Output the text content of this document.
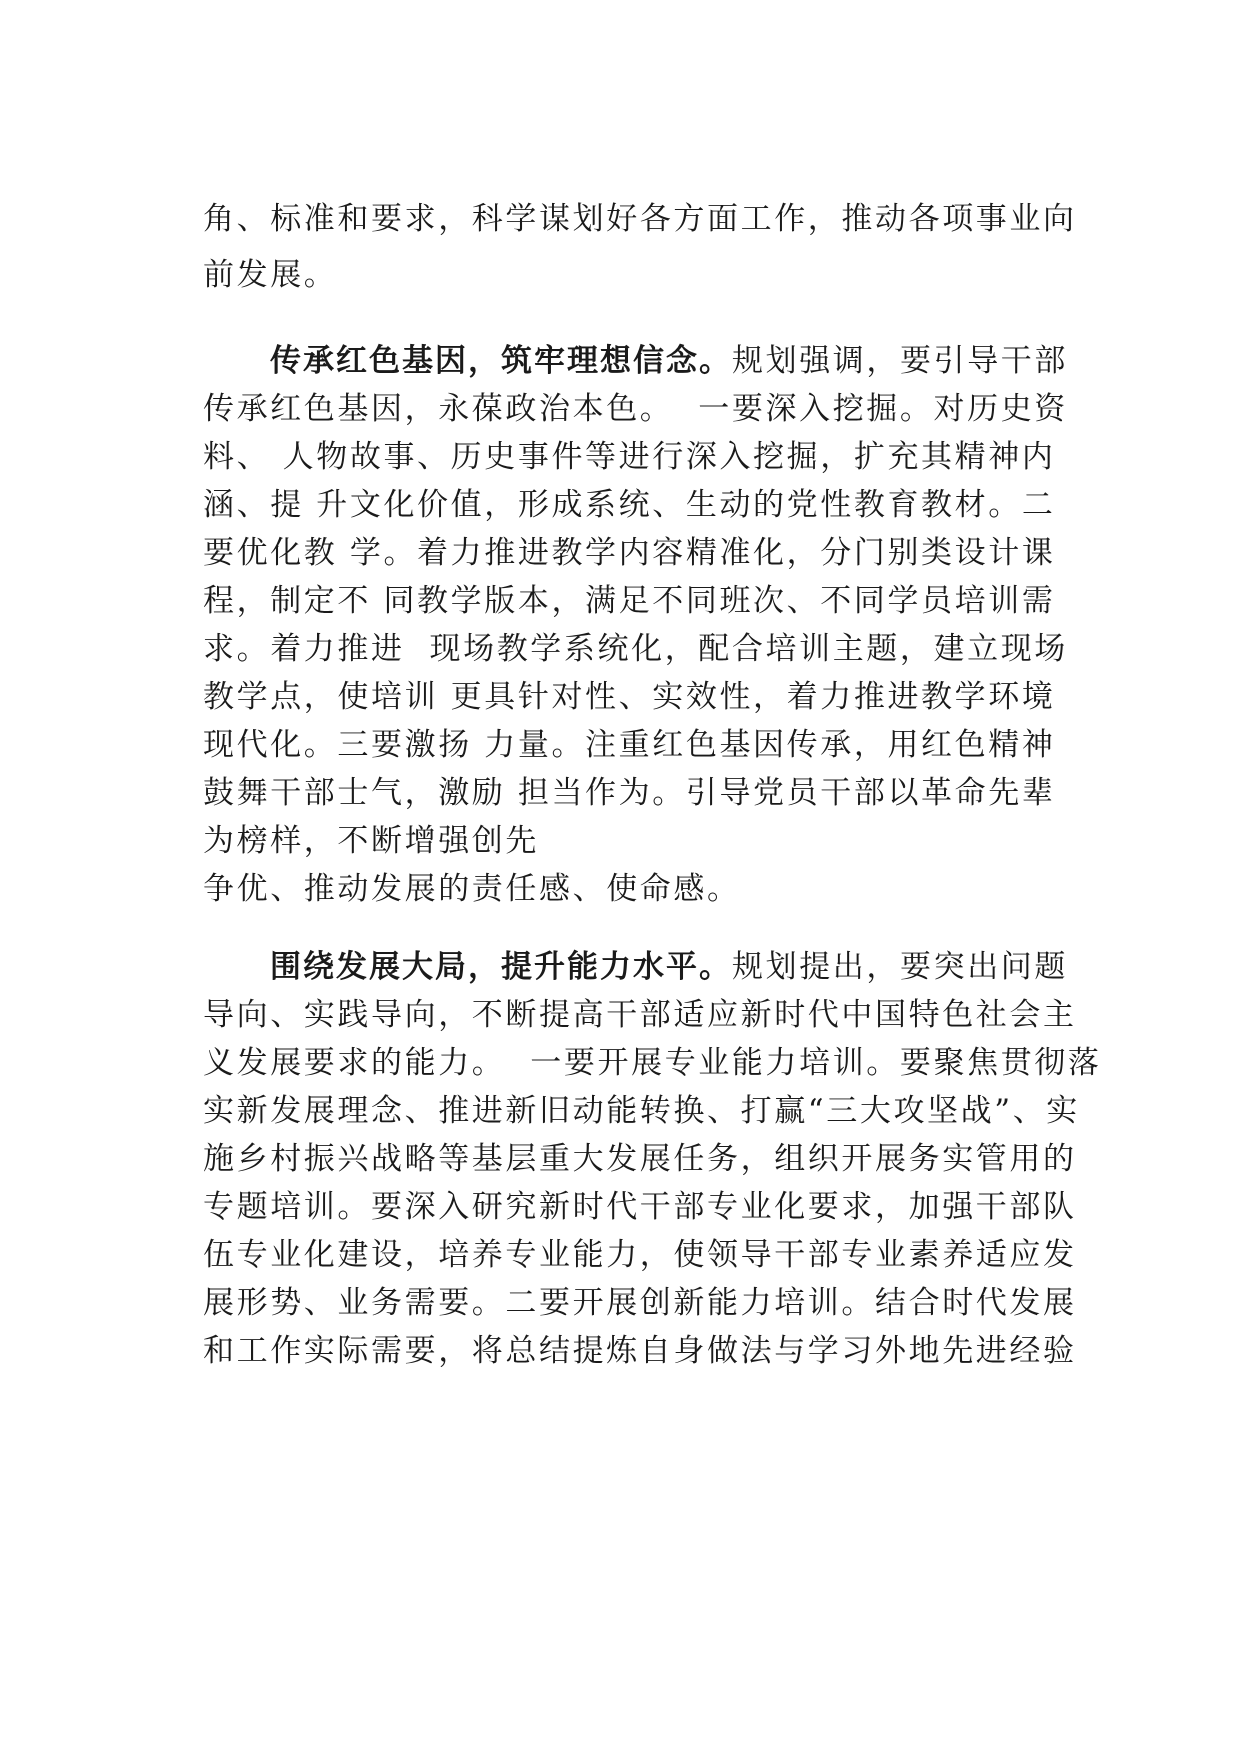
角、标准和要求，科学谋划好各方面工作，推动各项事业向
前发展。
传承红色基因，筑牢理想信念。规划强调，要引导干部
传承红色基因，永葆政治本色。  一要深入挖掘。对历史资
料、 人物故事、历史事件等进行深入挖掘，扩充其精神内
涵、提 升文化价值，形成系统、生动的党性教育教材。二
要优化教 学。着力推进教学内容精准化，分门别类设计课
程，制定不 同教学版本，满足不同班次、不同学员培训需
求。着力推进  现场教学系统化，配合培训主题，建立现场
教学点，使培训 更具针对性、实效性，着力推进教学环境
现代化。三要激扬 力量。注重红色基因传承，用红色精神
鼓舞干部士气，激励 担当作为。引导党员干部以革命先辈
为榜样，不断增强创先
争优、推动发展的责任感、使命感。
围绕发展大局，提升能力水平。规划提出，要突出问题
导向、实践导向，不断提高干部适应新时代中国特色社会主
义发展要求的能力。  一要开展专业能力培训。要聚焦贯彻落
实新发展理念、推进新旧动能转换、打赢“三大攻坚战”、实
施乡村振兴战略等基层重大发展任务，组织开展务实管用的
专题培训。要深入研究新时代干部专业化要求，加强干部队
伍专业化建设，培养专业能力，使领导干部专业素养适应发
展形势、业务需要。二要开展创新能力培训。结合时代发展
和工作实际需要，将总结提炼自身做法与学习外地先进经验
